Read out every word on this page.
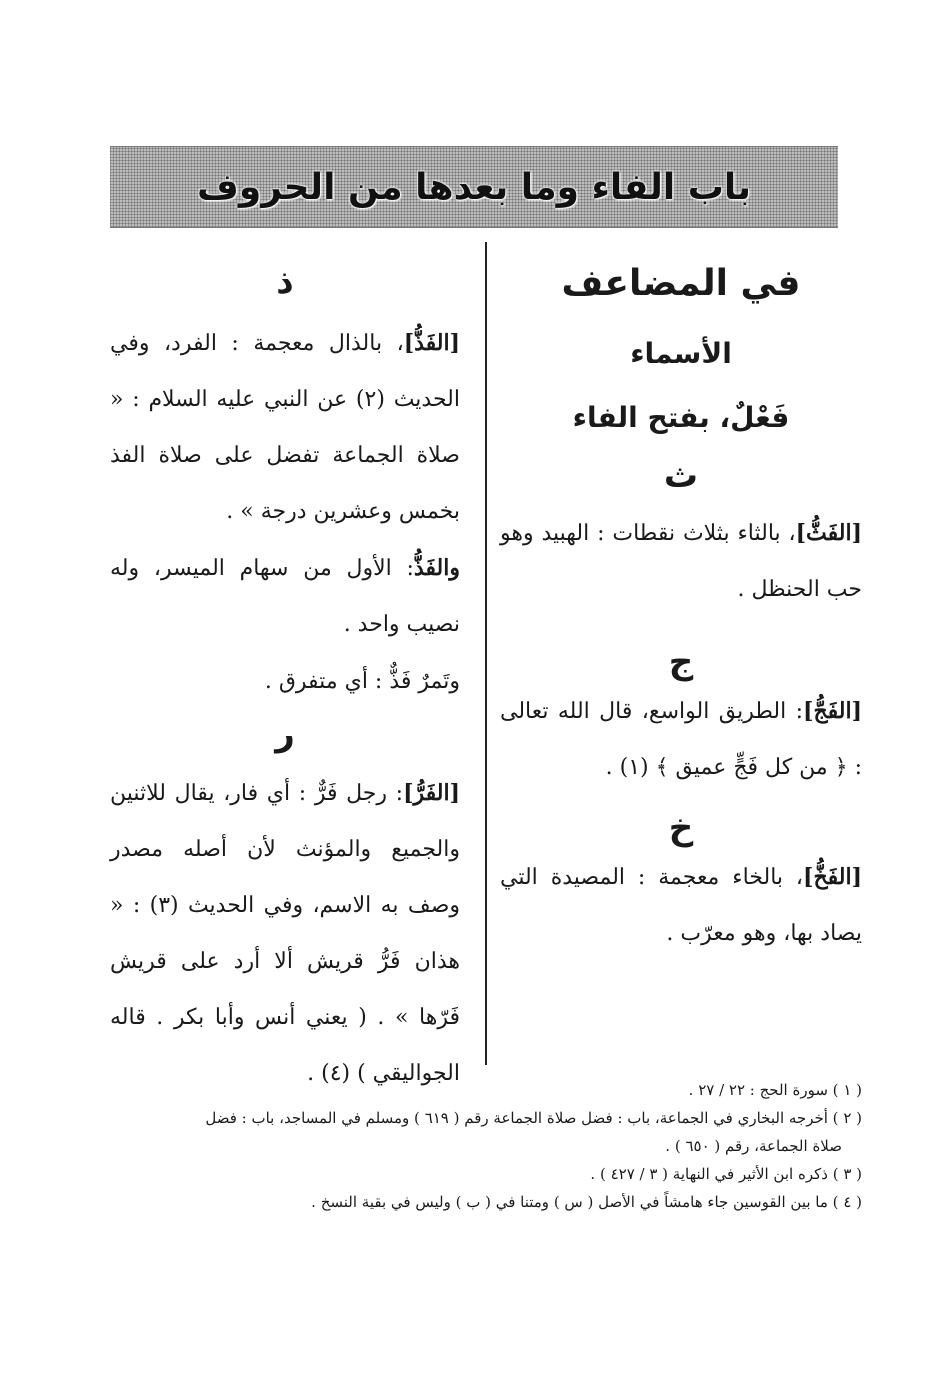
باب الفاء وما بعدها من الحروف
في المضاعف
الأسماء
فَعْلٌ، بفتح الفاء
ث

[الفَثُّ]، بالثاء بثلاث نقطات : الهبيد وهو حب الحنظل .

ج

[الفَجُّ]: الطريق الواسع، قال الله تعالى : ﴿ من كل فَجٍّ عميق ﴾ (١) .

خ

[الفَخُّ]، بالخاء معجمة : المصيدة التي يصاد بها، وهو معرّب .

ذ

[الفَذُّ]، بالذال معجمة : الفرد، وفي الحديث (٢) عن النبي عليه السلام : « صلاة الجماعة تفضل على صلاة الفذ بخمس وعشرين درجة » .

والفَذُّ: الأول من سهام الميسر، وله نصيب واحد .

وتَمرٌ فَذٌّ : أي متفرق .

ر

[الفَرُّ]: رجل فَرٌّ : أي فار، يقال للاثنين والجميع والمؤنث لأن أصله مصدر وصف به الاسم، وفي الحديث (٣) : « هذان فَرُّ قريش ألا أرد على قريش فَرّها » . ( يعني أنس وأبا بكر . قاله الجواليقي ) (٤) .

( ١ ) سورة الحج : ٢٢ / ٢٧ .

( ٢ ) أخرجه البخاري في الجماعة، باب : فضل صلاة الجماعة رقم ( ٦١٩ ) ومسلم في المساجد، باب : فضل

صلاة الجماعة، رقم ( ٦٥٠ ) .

( ٣ ) ذكره ابن الأثير في النهاية ( ٣ / ٤٢٧ ) .

( ٤ ) ما بين القوسين جاء هامشاً في الأصل ( س ) ومتنا في ( ب ) وليس في بقية النسخ .
